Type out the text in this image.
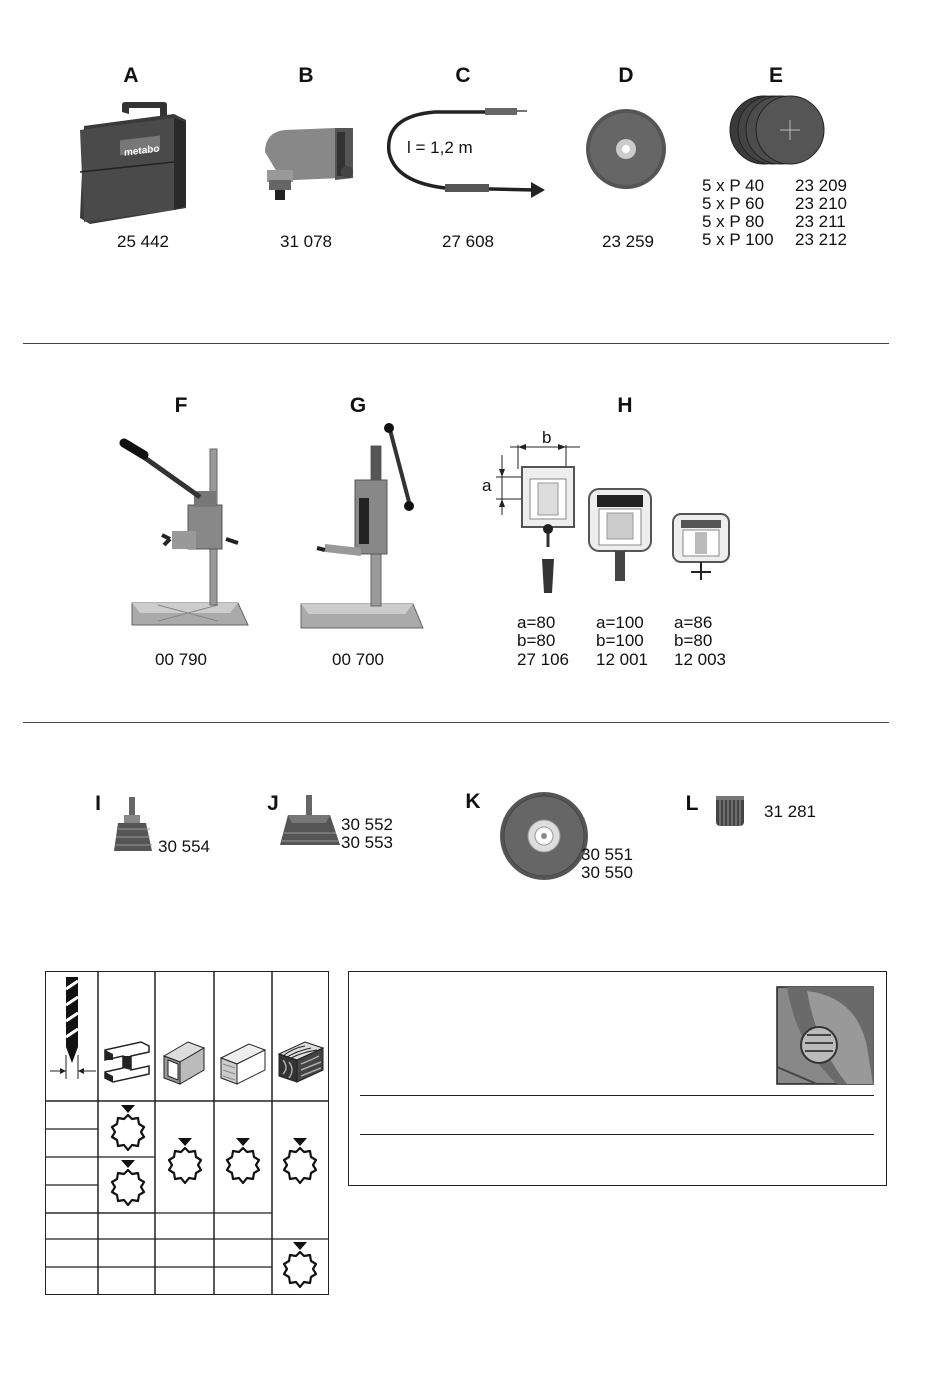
A	B	C	D	E
metabo
25 442	31 078
l = 1,2 m
27 608	23 259
5 x P 40 23 209
5 x P 60 23 210
5 x P 80 23 211
5 x P 100 23 212
F	G	H
00 790	00 700
b
a
a=80
b=80
27 106
a=100
b=100
12 001
a=86
b=80
12 003
I	J	K	L
30 554
30 552
30 553
30 551
30 550
31 281
